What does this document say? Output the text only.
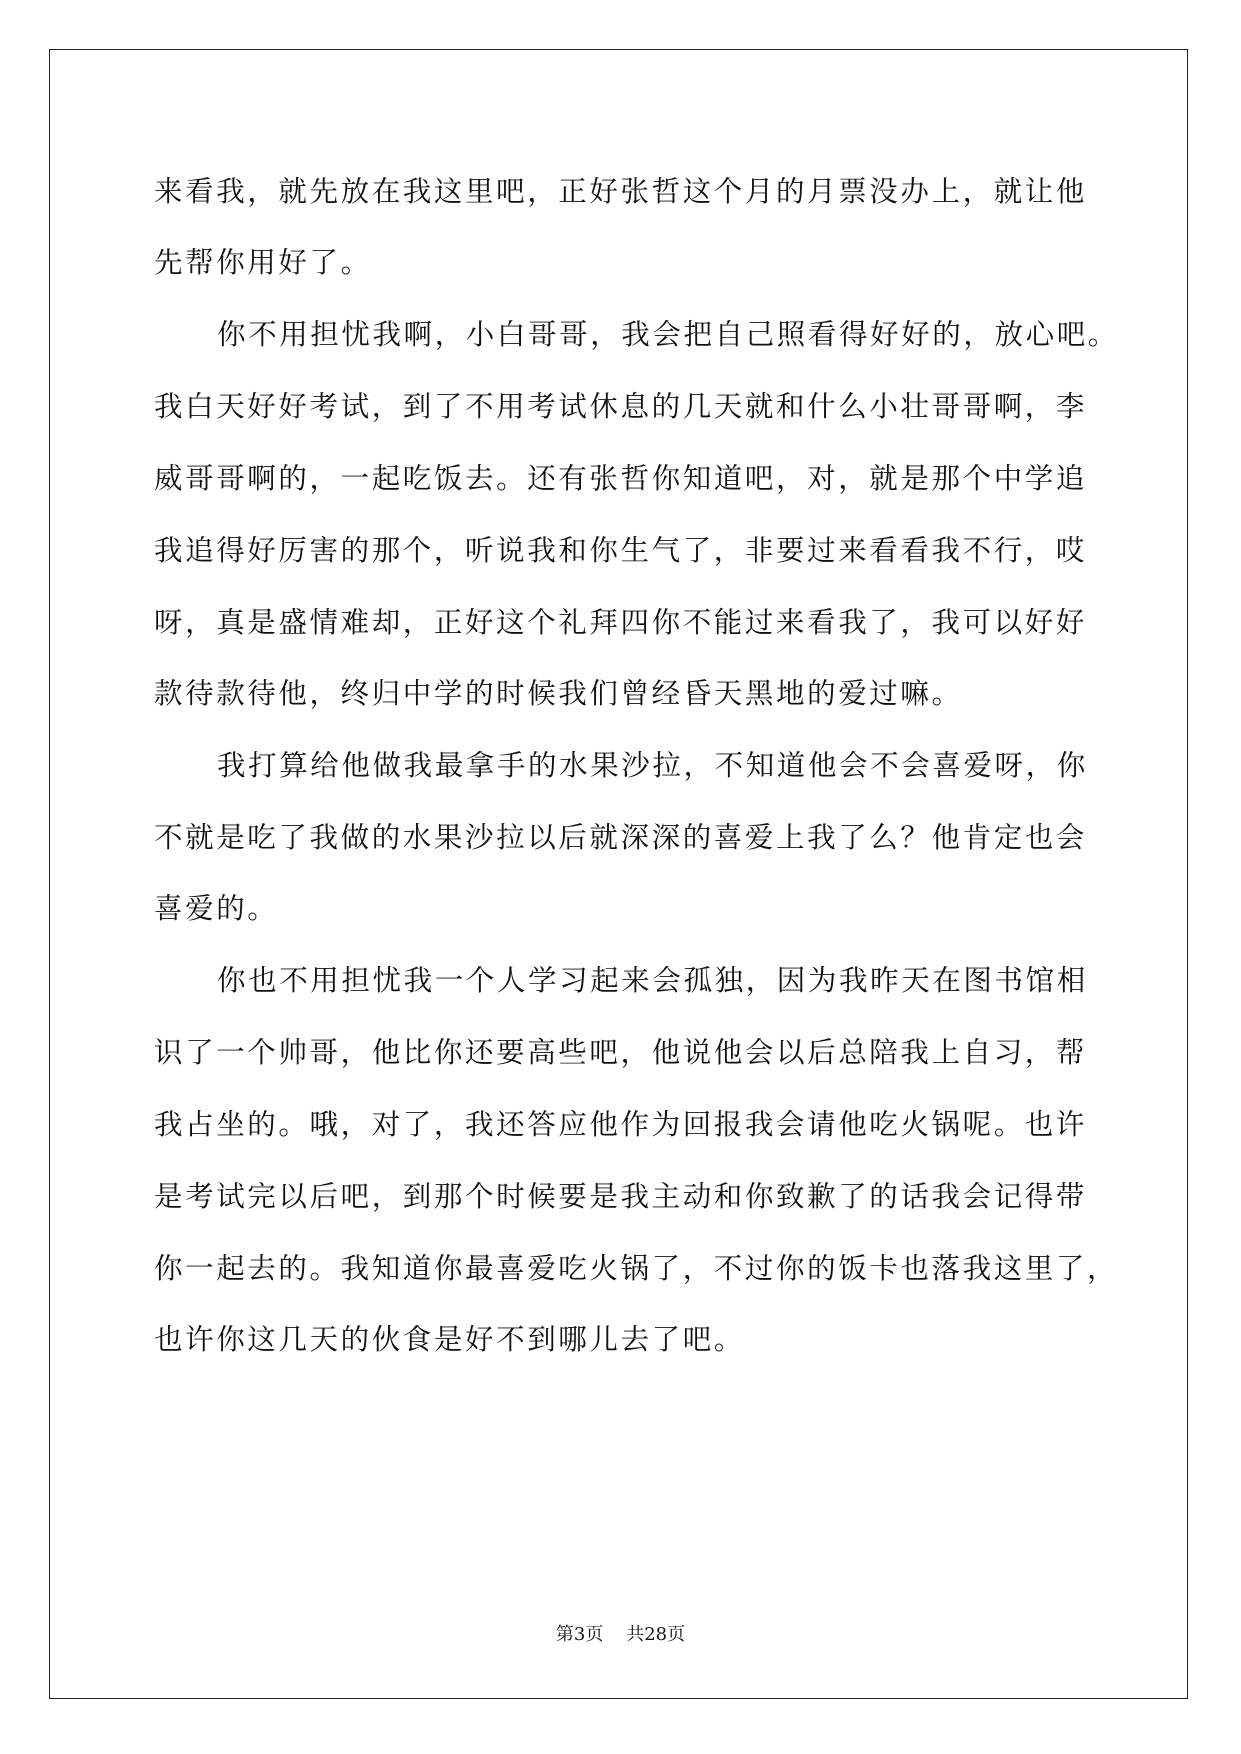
来看我，就先放在我这里吧，正好张哲这个月的月票没办上，就让他
先帮你用好了。
你不用担忧我啊，小白哥哥，我会把自己照看得好好的，放心吧。
我白天好好考试，到了不用考试休息的几天就和什么小壮哥哥啊，李
威哥哥啊的，一起吃饭去。还有张哲你知道吧，对，就是那个中学追
我追得好厉害的那个，听说我和你生气了，非要过来看看我不行，哎
呀，真是盛情难却，正好这个礼拜四你不能过来看我了，我可以好好
款待款待他，终归中学的时候我们曾经昏天黑地的爱过嘛。
我打算给他做我最拿手的水果沙拉，不知道他会不会喜爱呀，你
不就是吃了我做的水果沙拉以后就深深的喜爱上我了么？他肯定也会
喜爱的。
你也不用担忧我一个人学习起来会孤独，因为我昨天在图书馆相
识了一个帅哥，他比你还要高些吧，他说他会以后总陪我上自习，帮
我占坐的。哦，对了，我还答应他作为回报我会请他吃火锅呢。也许
是考试完以后吧，到那个时候要是我主动和你致歉了的话我会记得带
你一起去的。我知道你最喜爱吃火锅了，不过你的饭卡也落我这里了，
也许你这几天的伙食是好不到哪儿去了吧。
第3页 共28页
